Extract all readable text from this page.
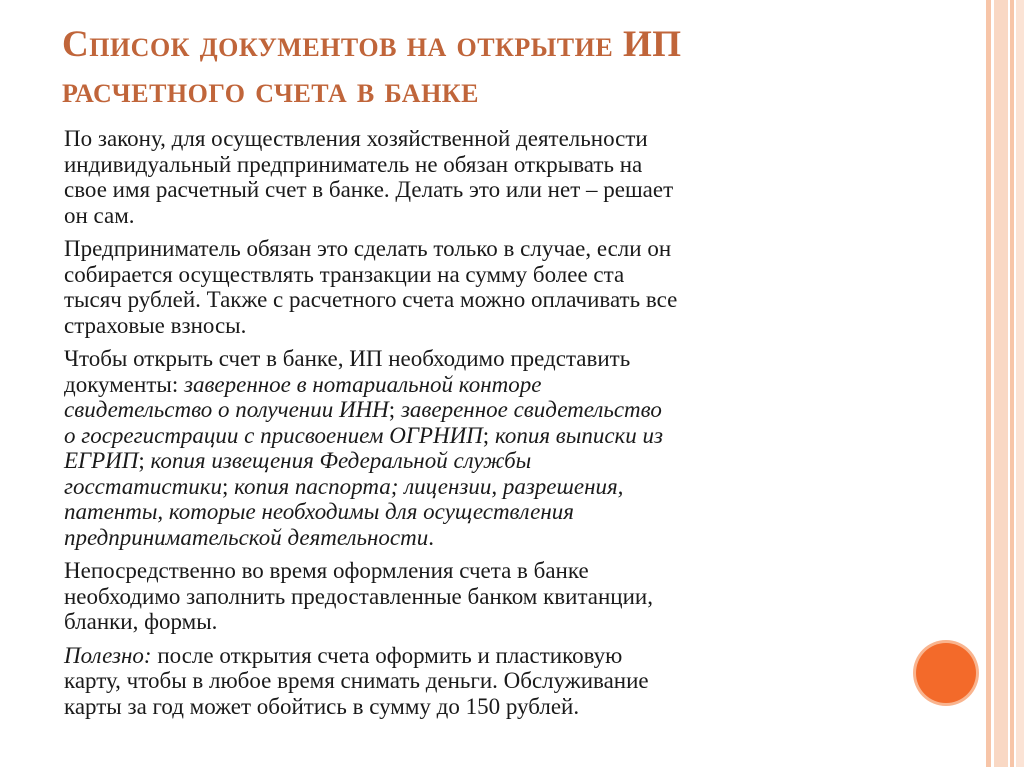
Список документов на открытие ИП
расчетного счета в банке
По закону, для осуществления хозяйственной деятельности
индивидуальный предприниматель не обязан открывать на
свое имя расчетный счет в банке. Делать это или нет – решает
он сам.
Предприниматель обязан это сделать только в случае, если он
собирается осуществлять транзакции на сумму более ста
тысяч рублей. Также с расчетного счета можно оплачивать все
страховые взносы.
Чтобы открыть счет в банке, ИП необходимо представить
документы: заверенное в нотариальной конторе
свидетельство о получении ИНН; заверенное свидетельство
о госрегистрации с присвоением ОГРНИП; копия выписки из
ЕГРИП; копия извещения Федеральной службы
госстатистики; копия паспорта; лицензии, разрешения,
патенты, которые необходимы для осуществления
предпринимательской деятельности.
Непосредственно во время оформления счета в банке
необходимо заполнить предоставленные банком квитанции,
бланки, формы.
Полезно: после открытия счета оформить и пластиковую
карту, чтобы в любое время снимать деньги. Обслуживание
карты за год может обойтись в сумму до 150 рублей.
